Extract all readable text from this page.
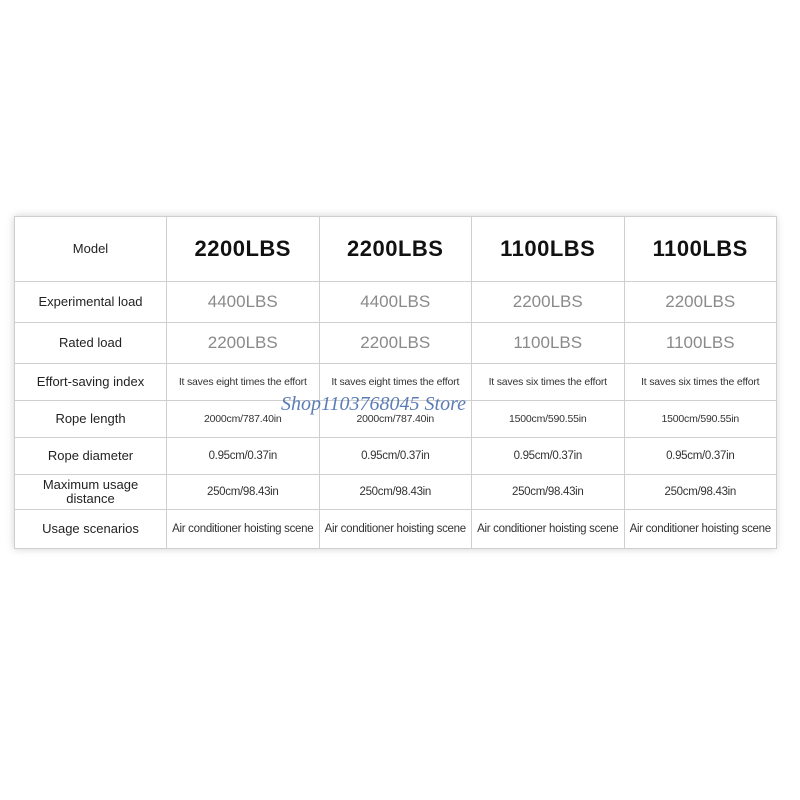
Model	2200LBS	2200LBS	1100LBS	1100LBS
Experimental load	4400LBS	4400LBS	2200LBS	2200LBS
Rated load	2200LBS	2200LBS	1100LBS	1100LBS
Effort-saving index	It saves eight times the effort	It saves eight times the effort	It saves six times the effort	It saves six times the effort
Rope length	2000cm/787.40in	2000cm/787.40in	1500cm/590.55in	1500cm/590.55in
Rope diameter	0.95cm/0.37in	0.95cm/0.37in	0.95cm/0.37in	0.95cm/0.37in
Maximum usage distance	250cm/98.43in	250cm/98.43in	250cm/98.43in	250cm/98.43in
Usage scenarios	Air conditioner hoisting scene	Air conditioner hoisting scene	Air conditioner hoisting scene	Air conditioner hoisting scene
Shop1103768045 Store
